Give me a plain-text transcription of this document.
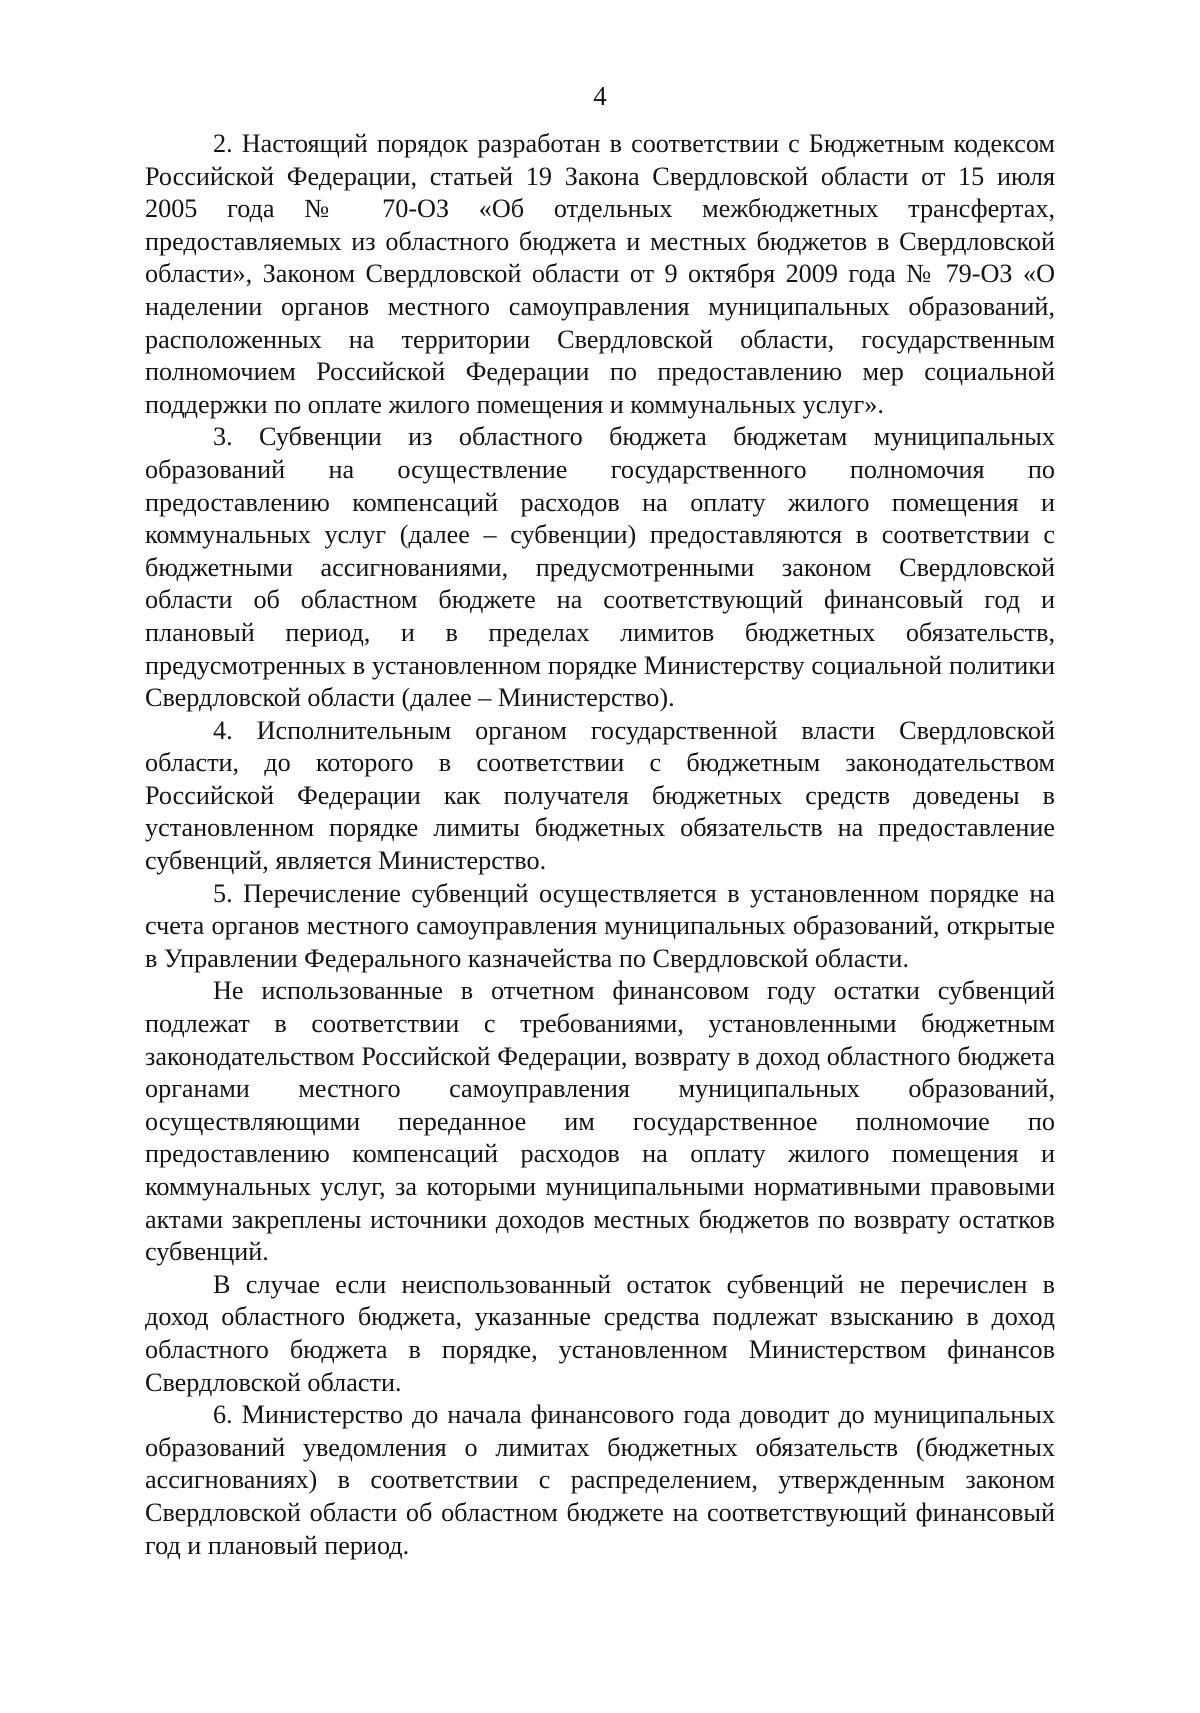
4

2. Настоящий порядок разработан в соответствии с Бюджетным кодексом Российской Федерации, статьей 19 Закона Свердловской области от 15 июля 2005 года № 70-ОЗ «Об отдельных межбюджетных трансфертах, предоставляемых из областного бюджета и местных бюджетов в Свердловской области», Законом Свердловской области от 9 октября 2009 года № 79-ОЗ «О наделении органов местного самоуправления муниципальных образований, расположенных на территории Свердловской области, государственным полномочием Российской Федерации по предоставлению мер социальной поддержки по оплате жилого помещения и коммунальных услуг».

3. Субвенции из областного бюджета бюджетам муниципальных образований на осуществление государственного полномочия по предоставлению компенсаций расходов на оплату жилого помещения и коммунальных услуг (далее – субвенции) предоставляются в соответствии с бюджетными ассигнованиями, предусмотренными законом Свердловской области об областном бюджете на соответствующий финансовый год и плановый период, и в пределах лимитов бюджетных обязательств, предусмотренных в установленном порядке Министерству социальной политики Свердловской области (далее – Министерство).

4. Исполнительным органом государственной власти Свердловской области, до которого в соответствии с бюджетным законодательством Российской Федерации как получателя бюджетных средств доведены в установленном порядке лимиты бюджетных обязательств на предоставление субвенций, является Министерство.

5. Перечисление субвенций осуществляется в установленном порядке на счета органов местного самоуправления муниципальных образований, открытые в Управлении Федерального казначейства по Свердловской области.

Не использованные в отчетном финансовом году остатки субвенций подлежат в соответствии с требованиями, установленными бюджетным законодательством Российской Федерации, возврату в доход областного бюджета органами местного самоуправления муниципальных образований, осуществляющими переданное им государственное полномочие по предоставлению компенсаций расходов на оплату жилого помещения и коммунальных услуг, за которыми муниципальными нормативными правовыми актами закреплены источники доходов местных бюджетов по возврату остатков субвенций.

В случае если неиспользованный остаток субвенций не перечислен в доход областного бюджета, указанные средства подлежат взысканию в доход областного бюджета в порядке, установленном Министерством финансов Свердловской области.

6. Министерство до начала финансового года доводит до муниципальных образований уведомления о лимитах бюджетных обязательств (бюджетных ассигнованиях) в соответствии с распределением, утвержденным законом Свердловской области об областном бюджете на соответствующий финансовый год и плановый период.
